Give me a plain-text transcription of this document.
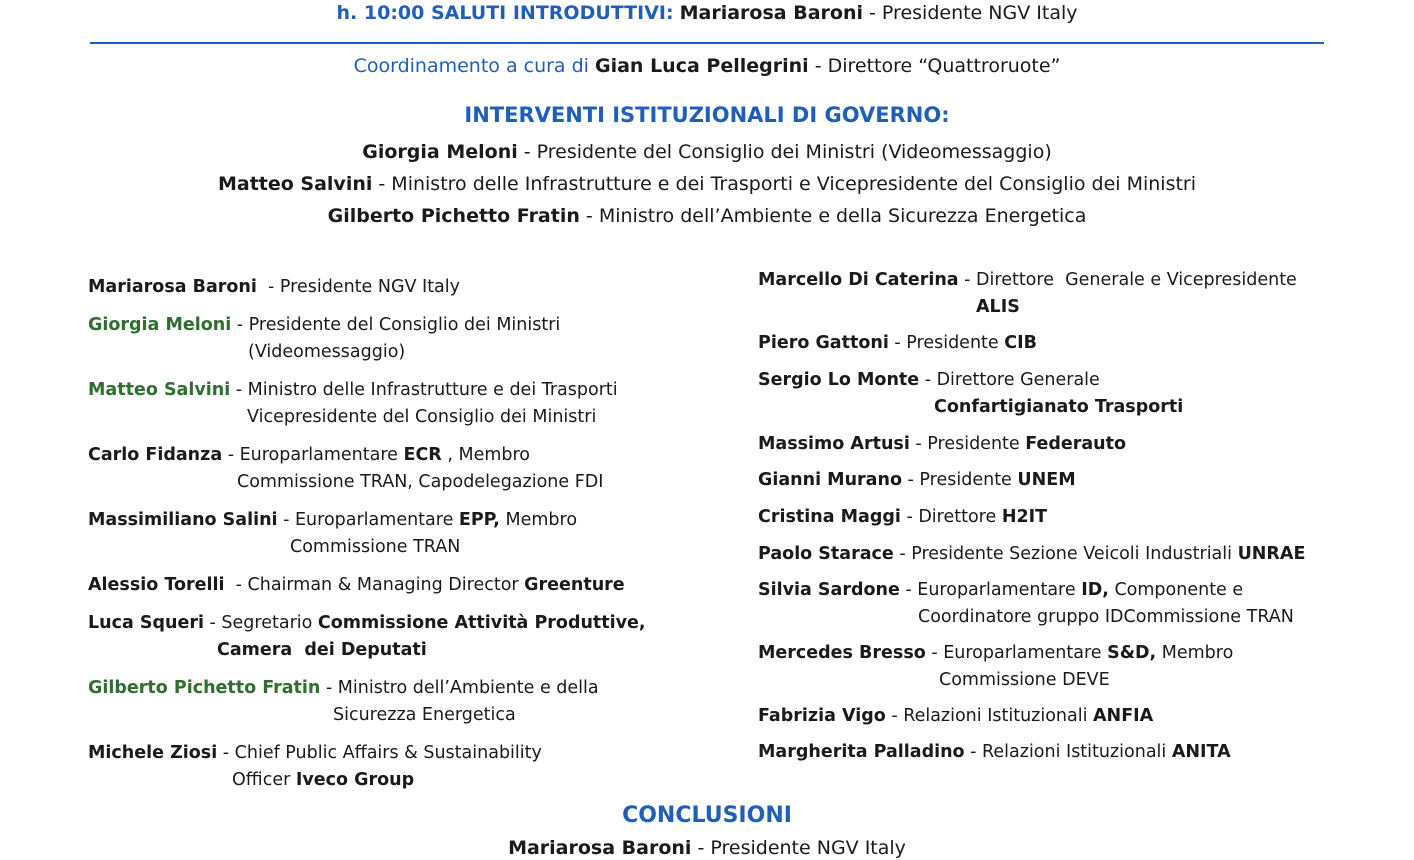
h. 10:00 SALUTI INTRODUTTIVI: Mariarosa Baroni - Presidente NGV Italy
Coordinamento a cura di Gian Luca Pellegrini - Direttore “Quattroruote”
INTERVENTI ISTITUZIONALI DI GOVERNO:
Giorgia Meloni - Presidente del Consiglio dei Ministri (Videomessaggio)
Matteo Salvini - Ministro delle Infrastrutture e dei Trasporti e Vicepresidente del Consiglio dei Ministri
Gilberto Pichetto Fratin - Ministro dell’Ambiente e della Sicurezza Energetica
Mariarosa Baroni  - Presidente NGV Italy
Giorgia Meloni - Presidente del Consiglio dei Ministri
(Videomessaggio)
Matteo Salvini - Ministro delle Infrastrutture e dei Trasporti
Vicepresidente del Consiglio dei Ministri
Carlo Fidanza - Europarlamentare ECR , Membro
Commissione TRAN, Capodelegazione FDI
Massimiliano Salini - Europarlamentare EPP, Membro
Commissione TRAN
Alessio Torelli  - Chairman & Managing Director Greenture
Luca Squeri - Segretario Commissione Attività Produttive,
Camera  dei Deputati
Gilberto Pichetto Fratin - Ministro dell’Ambiente e della
Sicurezza Energetica
Michele Ziosi - Chief Public Affairs & Sustainability
Officer Iveco Group
Marcello Di Caterina - Direttore  Generale e Vicepresidente
ALIS
Piero Gattoni - Presidente CIB
Sergio Lo Monte - Direttore Generale
Confartigianato Trasporti
Massimo Artusi - Presidente Federauto
Gianni Murano - Presidente UNEM
Cristina Maggi - Direttore H2IT
Paolo Starace - Presidente Sezione Veicoli Industriali UNRAE
Silvia Sardone - Europarlamentare ID, Componente e
Coordinatore gruppo IDCommissione TRAN
Mercedes Bresso - Europarlamentare S&D, Membro
Commissione DEVE
Fabrizia Vigo - Relazioni Istituzionali ANFIA
Margherita Palladino - Relazioni Istituzionali ANITA
CONCLUSIONI
Mariarosa Baroni - Presidente NGV Italy
